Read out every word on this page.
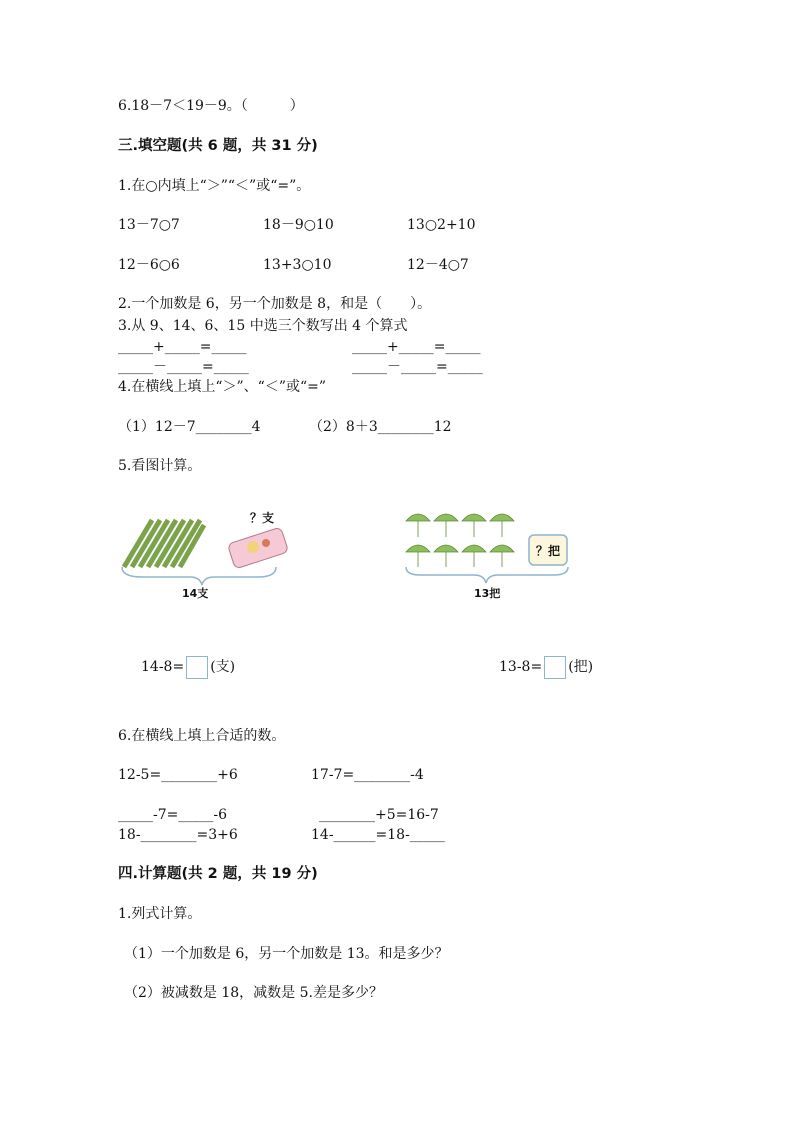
6.18－7＜19－9。（　　　）
三.填空题(共 6 题，共 31 分)
1.在○内填上“＞”“＜”或“=”。
13－7○7	18－9○10	13○2+10
12－6○6	13+3○10	12－4○7
2.一个加数是 6，另一个加数是 8，和是（　　）。
3.从 9、14、6、15 中选三个数写出 4 个算式
_____+_____=_____	_____+_____=_____
_____－_____=_____	_____－_____=_____
4.在横线上填上“＞”、“＜”或“=”
（1）12－7________4	（2）8＋3________12
5.看图计算。
？支
14支
？把
13把
14-8= (支)	13-8= (把)
6.在横线上填上合适的数。
12-5=________+6	17-7=________-4
_____-7=_____-6	________+5=16-7
18-________=3+6	14-______=18-_____
四.计算题(共 2 题，共 19 分)
1.列式计算。
（1）一个加数是 6，另一个加数是 13。和是多少？
（2）被减数是 18，减数是 5.差是多少？
